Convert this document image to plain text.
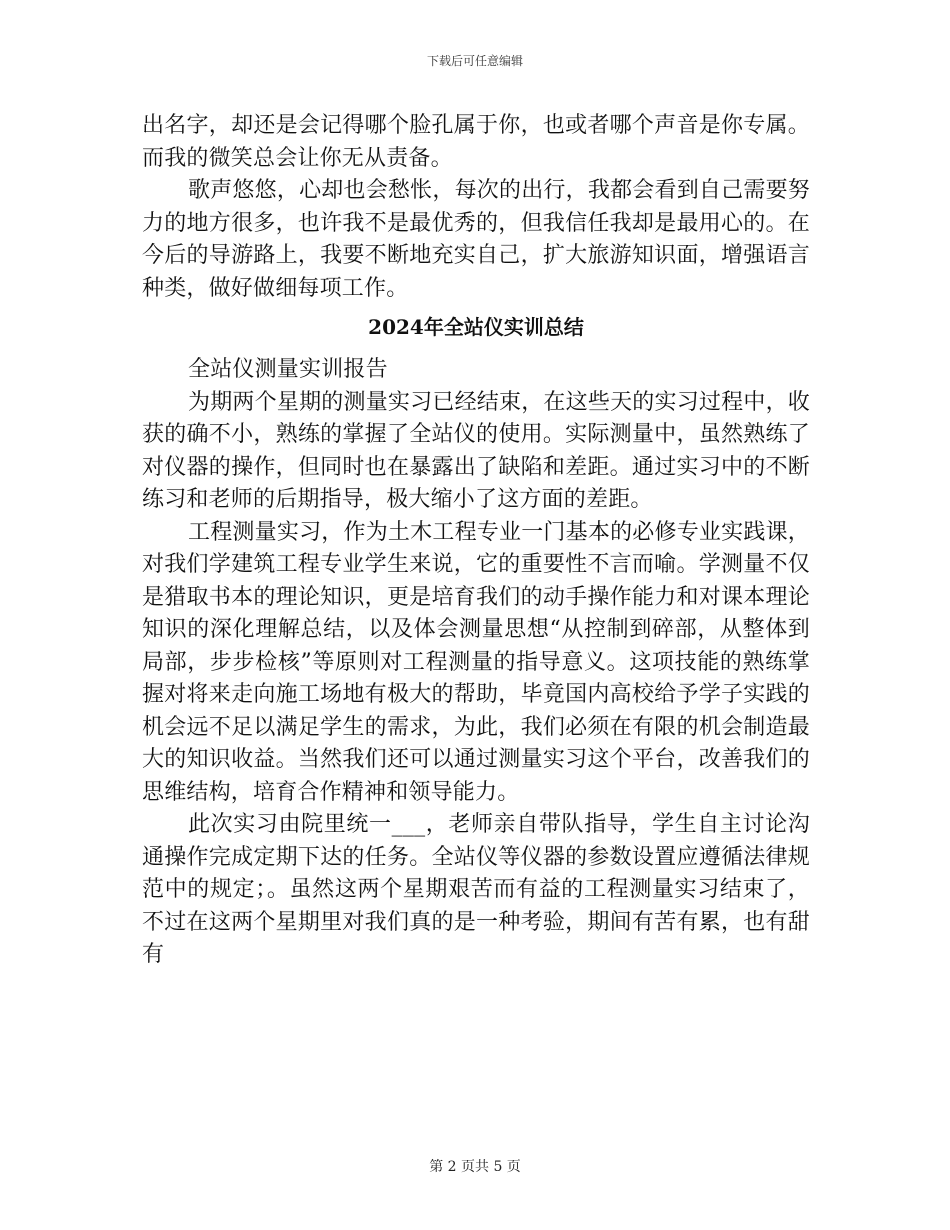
下载后可任意编辑

出名字，却还是会记得哪个脸孔属于你，也或者哪个声音是你专属。而我的微笑总会让你无从责备。

歌声悠悠，心却也会愁怅，每次的出行，我都会看到自己需要努力的地方很多，也许我不是最优秀的，但我信任我却是最用心的。在今后的导游路上，我要不断地充实自己，扩大旅游知识面，增强语言种类，做好做细每项工作。

2024年全站仪实训总结

全站仪测量实训报告

为期两个星期的测量实习已经结束，在这些天的实习过程中，收获的确不小，熟练的掌握了全站仪的使用。实际测量中，虽然熟练了对仪器的操作，但同时也在暴露出了缺陷和差距。通过实习中的不断练习和老师的后期指导，极大缩小了这方面的差距。

工程测量实习，作为土木工程专业一门基本的必修专业实践课，对我们学建筑工程专业学生来说，它的重要性不言而喻。学测量不仅是猎取书本的理论知识，更是培育我们的动手操作能力和对课本理论知识的深化理解总结，以及体会测量思想“从控制到碎部，从整体到局部，步步检核”等原则对工程测量的指导意义。这项技能的熟练掌握对将来走向施工场地有极大的帮助，毕竟国内高校给予学子实践的机会远不足以满足学生的需求，为此，我们必须在有限的机会制造最大的知识收益。当然我们还可以通过测量实习这个平台，改善我们的思维结构，培育合作精神和领导能力。

此次实习由院里统一___，老师亲自带队指导，学生自主讨论沟通操作完成定期下达的任务。全站仪等仪器的参数设置应遵循法律规范中的规定；。虽然这两个星期艰苦而有益的工程测量实习结束了，不过在这两个星期里对我们真的是一种考验，期间有苦有累，也有甜有

第 2 页共 5 页
